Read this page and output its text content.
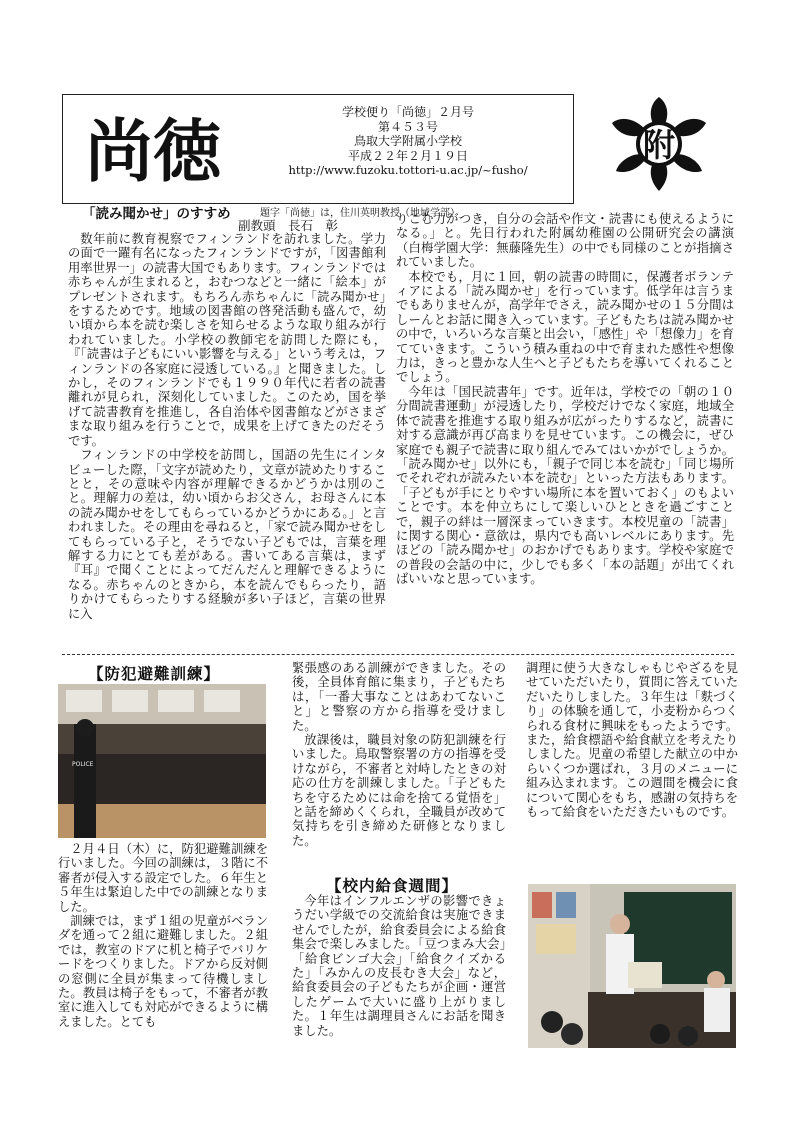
尚徳	学校便り「尚徳」２月号
第４５３号
鳥取大学附属小学校
平成２２年２月１９日
http://www.fuzoku.tottori-u.ac.jp/~fusho/
題字「尚徳」は，住川英明教授（地域学部）
附
「読み聞かせ」のすすめ
副教頭　長石　彰

数年前に教育視察でフィンランドを訪れました。学力の面で一躍有名になったフィンランドですが，「図書館利用率世界一」の読書大国でもあります。フィンランドでは赤ちゃんが生まれると，おむつなどと一緒に「絵本」がプレゼントされます。もちろん赤ちゃんに「読み聞かせ」をするためです。地域の図書館の啓発活動も盛んで，幼い頃から本を読む楽しさを知らせるような取り組みが行われていました。小学校の教師宅を訪問した際にも，『「読書は子どもにいい影響を与える」という考えは，フィンランドの各家庭に浸透している。』と聞きました。しかし，そのフィンランドでも１９９０年代に若者の読書離れが見られ，深刻化していました。このため，国を挙げて読書教育を推進し，各自治体や図書館などがさまざまな取り組みを行うことで，成果を上げてきたのだそうです。

フィンランドの中学校を訪問し，国語の先生にインタビューした際，「文字が読めたり，文章が読めたりすることと，その意味や内容が理解できるかどうかは別のこと。理解力の差は，幼い頃からお父さん，お母さんに本の読み聞かせをしてもらっているかどうかにある。」と言われました。その理由を尋ねると，「家で読み聞かせをしてもらっている子と，そうでない子どもでは，言葉を理解する力にとても差がある。書いてある言葉は，まず『耳』で聞くことによってだんだんと理解できるようになる。赤ちゃんのときから，本を読んでもらったり，語りかけてもらったりする経験が多い子ほど，言葉の世界に入

りこむ力がつき，自分の会話や作文・読書にも使えるようになる。」と。先日行われた附属幼稚園の公開研究会の講演（白梅学園大学：無藤隆先生）の中でも同様のことが指摘されていました。

本校でも，月に１回，朝の読書の時間に，保護者ボランティアによる「読み聞かせ」を行っています。低学年は言うまでもありませんが，高学年でさえ，読み聞かせの１５分間はしーんとお話に聞き入っています。子どもたちは読み聞かせの中で，いろいろな言葉と出会い，「感性」や「想像力」を育てていきます。こういう積み重ねの中で育まれた感性や想像力は，きっと豊かな人生へと子どもたちを導いてくれることでしょう。

今年は「国民読書年」です。近年は，学校での「朝の１０分間読書運動」が浸透したり，学校だけでなく家庭，地域全体で読書を推進する取り組みが広がったりするなど，読書に対する意識が再び高まりを見せています。この機会に，ぜひ家庭でも親子で読書に取り組んでみてはいかがでしょうか。「読み聞かせ」以外にも，「親子で同じ本を読む」「同じ場所でそれぞれが読みたい本を読む」といった方法もあります。「子どもが手にとりやすい場所に本を置いておく」のもよいことです。本を仲立ちにして楽しいひとときを過ごすことで，親子の絆は一層深まっていきます。本校児童の「読書」に関する関心・意欲は，県内でも高いレベルにあります。先ほどの「読み聞かせ」のおかげでもあります。学校や家庭での普段の会話の中に，少しでも多く「本の話題」が出てくればいいなと思っています。

【防犯避難訓練】
POLICE

２月４日（木）に，防犯避難訓練を行いました。今回の訓練は，３階に不審者が侵入する設定でした。６年生と５年生は緊迫した中での訓練となりました。

訓練では，まず１組の児童がベランダを通って２組に避難しました。２組では，教室のドアに机と椅子でバリケードをつくりました。ドアから反対側の窓側に全員が集まって待機しました。教員は椅子をもって，不審者が教室に進入しても対応ができるように構えました。とても

緊張感のある訓練ができました。その後，全員体育館に集まり，子どもたちは，「一番大事なことはあわてないこと」と警察の方から指導を受けました。

放課後は，職員対象の防犯訓練を行いました。鳥取警察署の方の指導を受けながら，不審者と対峙したときの対応の仕方を訓練しました。「子どもたちを守るためには命を捨てる覚悟を」と話を締めくくられ，全職員が改めて気持ちを引き締めた研修となりました。

【校内給食週間】

今年はインフルエンザの影響できょうだい学級での交流給食は実施できませんでしたが，給食委員会による給食集会で楽しみました。「豆つまみ大会」「給食ビンゴ大会」「給食クイズかるた」「みかんの皮長むき大会」など，給食委員会の子どもたちが企画・運営したゲームで大いに盛り上がりました。１年生は調理員さんにお話を聞きました。

調理に使う大きなしゃもじやざるを見せていただいたり，質問に答えていただいたりしました。３年生は「麩づくり」の体験を通して，小麦粉からつくられる食材に興味をもったようです。また，給食標語や給食献立を考えたりしました。児童の希望した献立の中からいくつか選ばれ，３月のメニューに組み込まれます。この週間を機会に食について関心をもち，感謝の気持ちをもって給食をいただきたいものです。
